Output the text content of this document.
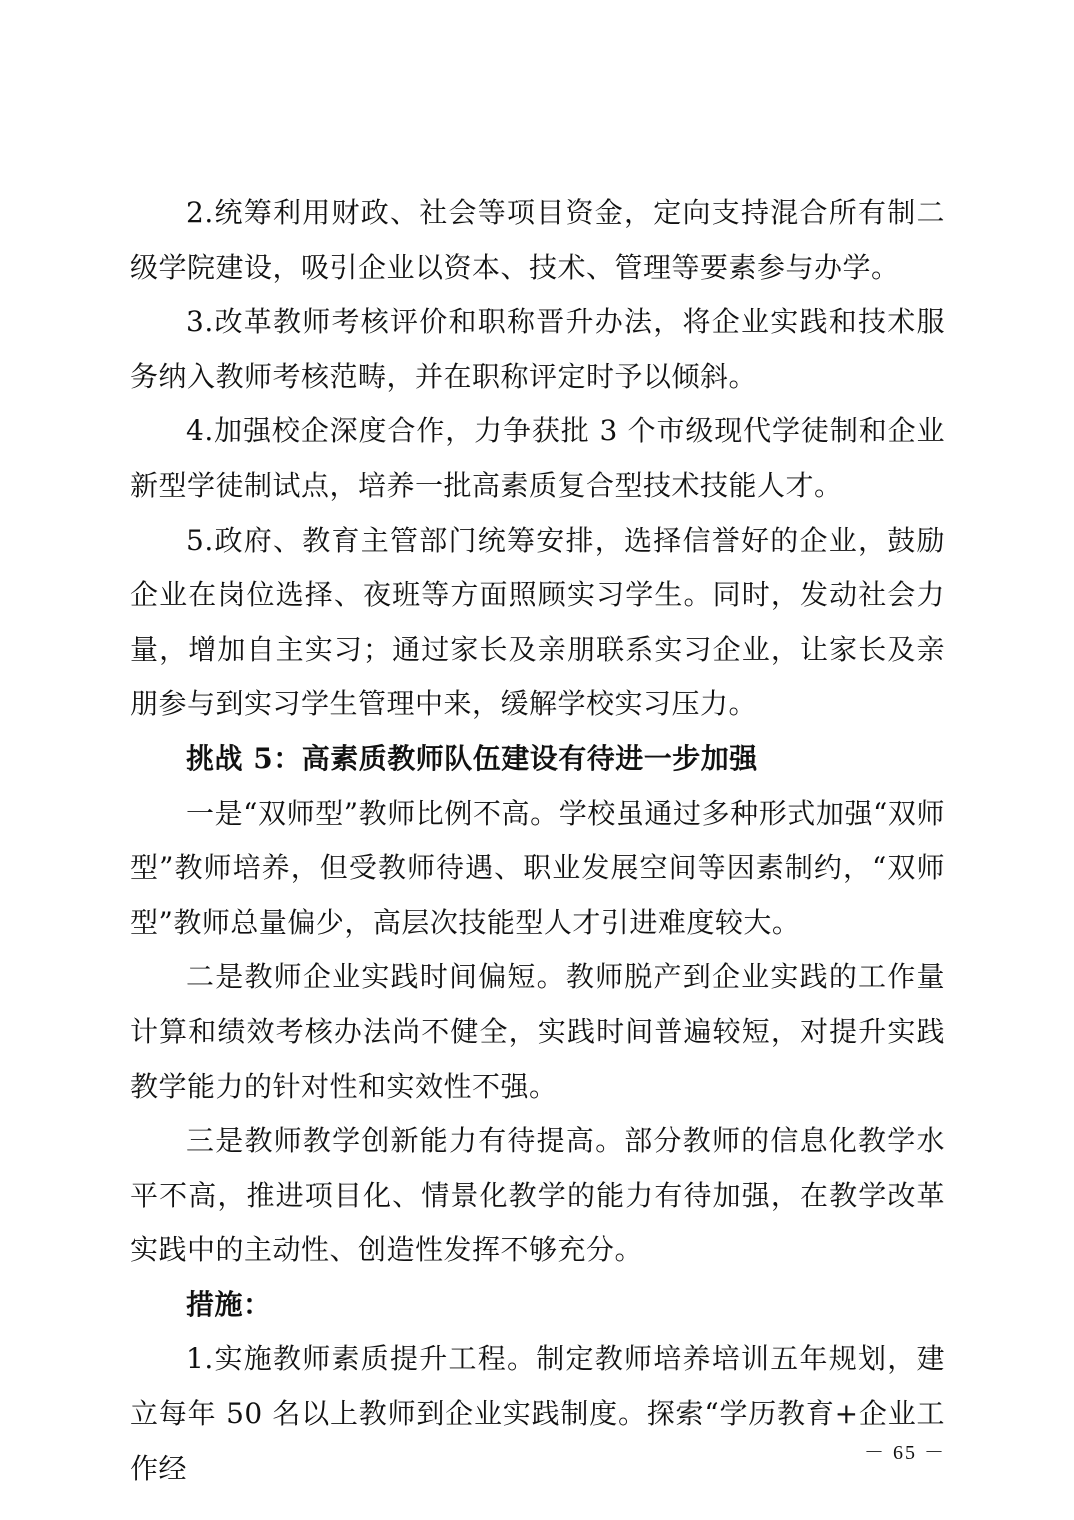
2.统筹利用财政、社会等项目资金，定向支持混合所有制二级学院建设，吸引企业以资本、技术、管理等要素参与办学。

3.改革教师考核评价和职称晋升办法，将企业实践和技术服务纳入教师考核范畴，并在职称评定时予以倾斜。

4.加强校企深度合作，力争获批 3 个市级现代学徒制和企业新型学徒制试点，培养一批高素质复合型技术技能人才。

5.政府、教育主管部门统筹安排，选择信誉好的企业，鼓励企业在岗位选择、夜班等方面照顾实习学生。同时，发动社会力量，增加自主实习；通过家长及亲朋联系实习企业，让家长及亲朋参与到实习学生管理中来，缓解学校实习压力。

挑战 5：高素质教师队伍建设有待进一步加强

一是“双师型”教师比例不高。学校虽通过多种形式加强“双师型”教师培养，但受教师待遇、职业发展空间等因素制约，“双师型”教师总量偏少，高层次技能型人才引进难度较大。

二是教师企业实践时间偏短。教师脱产到企业实践的工作量计算和绩效考核办法尚不健全，实践时间普遍较短，对提升实践教学能力的针对性和实效性不强。

三是教师教学创新能力有待提高。部分教师的信息化教学水平不高，推进项目化、情景化教学的能力有待加强，在教学改革实践中的主动性、创造性发挥不够充分。

措施：

1.实施教师素质提升工程。制定教师培养培训五年规划，建立每年 50 名以上教师到企业实践制度。探索“学历教育+企业工作经	－ 65 －
